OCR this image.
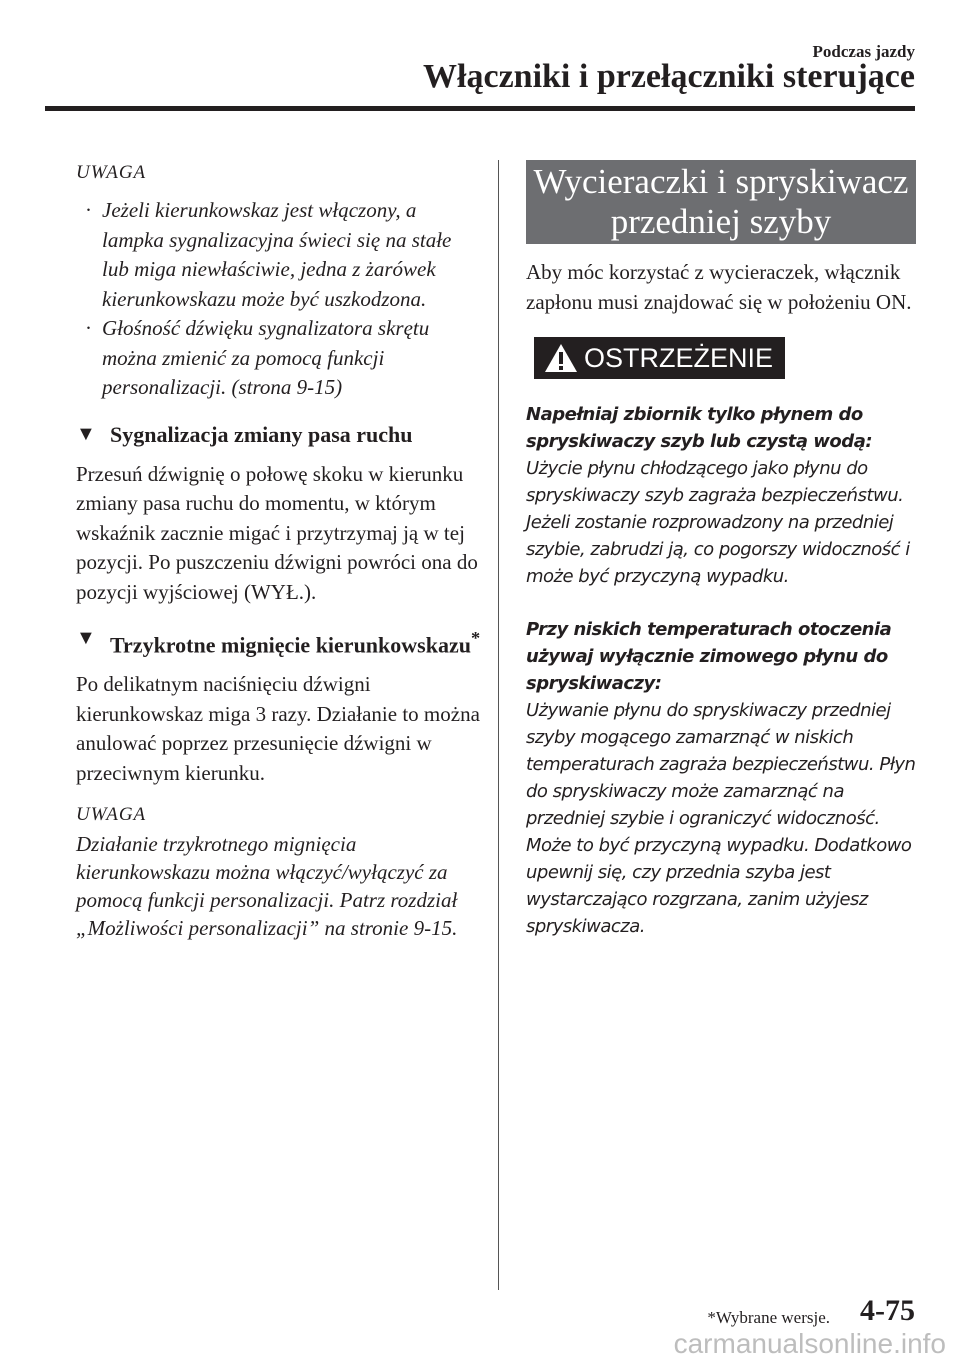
Podczas jazdy
Włączniki i przełączniki sterujące
UWAGA
· Jeżeli kierunkowskaz jest włączony, a lampka sygnalizacyjna świeci się na stałe lub miga niewłaściwie, jedna z żarówek kierunkowskazu może być uszkodzona.
· Głośność dźwięku sygnalizatora skrętu można zmienić za pomocą funkcji personalizacji. (strona 9-15)
▼ Sygnalizacja zmiany pasa ruchu
Przesuń dźwignię o połowę skoku w kierunku zmiany pasa ruchu do momentu, w którym wskaźnik zacznie migać i przytrzymaj ją w tej pozycji. Po puszczeniu dźwigni powróci ona do pozycji wyjściowej (WYŁ.).
▼ Trzykrotne mignięcie kierunkowskazu*
Po delikatnym naciśnięciu dźwigni kierunkowskaz miga 3 razy. Działanie to można anulować poprzez przesunięcie dźwigni w przeciwnym kierunku.
UWAGA
Działanie trzykrotnego mignięcia kierunkowskazu można włączyć/wyłączyć za pomocą funkcji personalizacji. Patrz rozdział „Możliwości personalizacji” na stronie 9-15.
Wycieraczki i spryskiwacz przedniej szyby
Aby móc korzystać z wycieraczek, włącznik zapłonu musi znajdować się w położeniu ON.
OSTRZEŻENIE
Napełniaj zbiornik tylko płynem do spryskiwaczy szyb lub czystą wodą:
Użycie płynu chłodzącego jako płynu do spryskiwaczy szyb zagraża bezpieczeństwu. Jeżeli zostanie rozprowadzony na przedniej szybie, zabrudzi ją, co pogorszy widoczność i może być przyczyną wypadku.
Przy niskich temperaturach otoczenia używaj wyłącznie zimowego płynu do spryskiwaczy:
Używanie płynu do spryskiwaczy przedniej szyby mogącego zamarznąć w niskich temperaturach zagraża bezpieczeństwu. Płyn do spryskiwaczy może zamarznąć na przedniej szybie i ograniczyć widoczność. Może to być przyczyną wypadku. Dodatkowo upewnij się, czy przednia szyba jest wystarczająco rozgrzana, zanim użyjesz spryskiwacza.
*Wybrane wersje. 4-75
carmanualsonline.info
